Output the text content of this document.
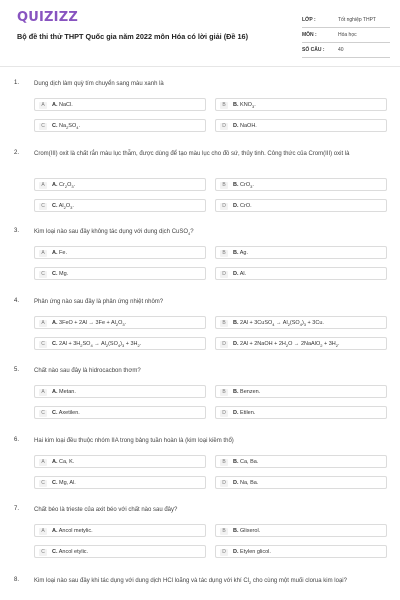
QUIZIZZ
Bộ đề thi thử THPT Quốc gia năm 2022 môn Hóa có lời giải (Đề 16)
LỚP :	Tốt nghiệp THPT
MÔN :	Hóa học
SỐ CÂU :	40
1. Dung dịch làm quỳ tím chuyển sang màu xanh là
A	A. NaCl.	B	B. $KNO_3$.
C	C. $Na_2SO_4$.	D	D. NaOH.
2. Crom(III) oxit là chất rắn màu lục thẫm, được dùng để tạo màu lục cho đồ sứ, thủy tinh. Công thức của Crom(III) oxit là
A	A. $Cr_2O_3$.	B	B. CrO$_3$.
C	C. $Al_2O_3$.	D	D. CrO.
3. Kim loại nào sau đây không tác dụng với dung dịch CuSO$_4$?
A	A. Fe.	B	B. Ag.
C	C. Mg.	D	D. Al.
4. Phản ứng nào sau đây là phản ứng nhiệt nhôm?
A	A. $3FeO + 2Al \to 3Fe + Al_2O_3$.	B	B. 2Al + 3CuSO$_4$ → $Al_2(SO_4)_3 + 3Cu$.
C	C. $2Al + 3H_2SO_4 \to Al_2(SO_4)_3 + 3H_2$.	D	D. 2Al + 2NaOH + $2H_2O$ → 2NaAlO$_2$ + $3H_2$.
5. Chất nào sau đây là hidrocacbon thơm?
A	A. Metan.	B	B. Benzen.
C	C. Axetilen.	D	D. Etilen.
6. Hai kim loại đều thuộc nhóm IIA trong bảng tuần hoàn là (kim loại kiềm thổ)
A	A. Ca, K.	B	B. Ca, Ba.
C	C. Mg, Al.	D	D. Na, Ba.
7. Chất béo là trieste của axit béo với chất nào sau đây?
A	A. Ancol metylic.	B	B. Glixerol.
C	C. Ancol etylic.	D	D. Etylen glicol.
8. Kim loại nào sau đây khi tác dụng với dung dịch HCl loãng và tác dụng với khí $Cl_2$ cho cùng một muối clorua kim loại?
